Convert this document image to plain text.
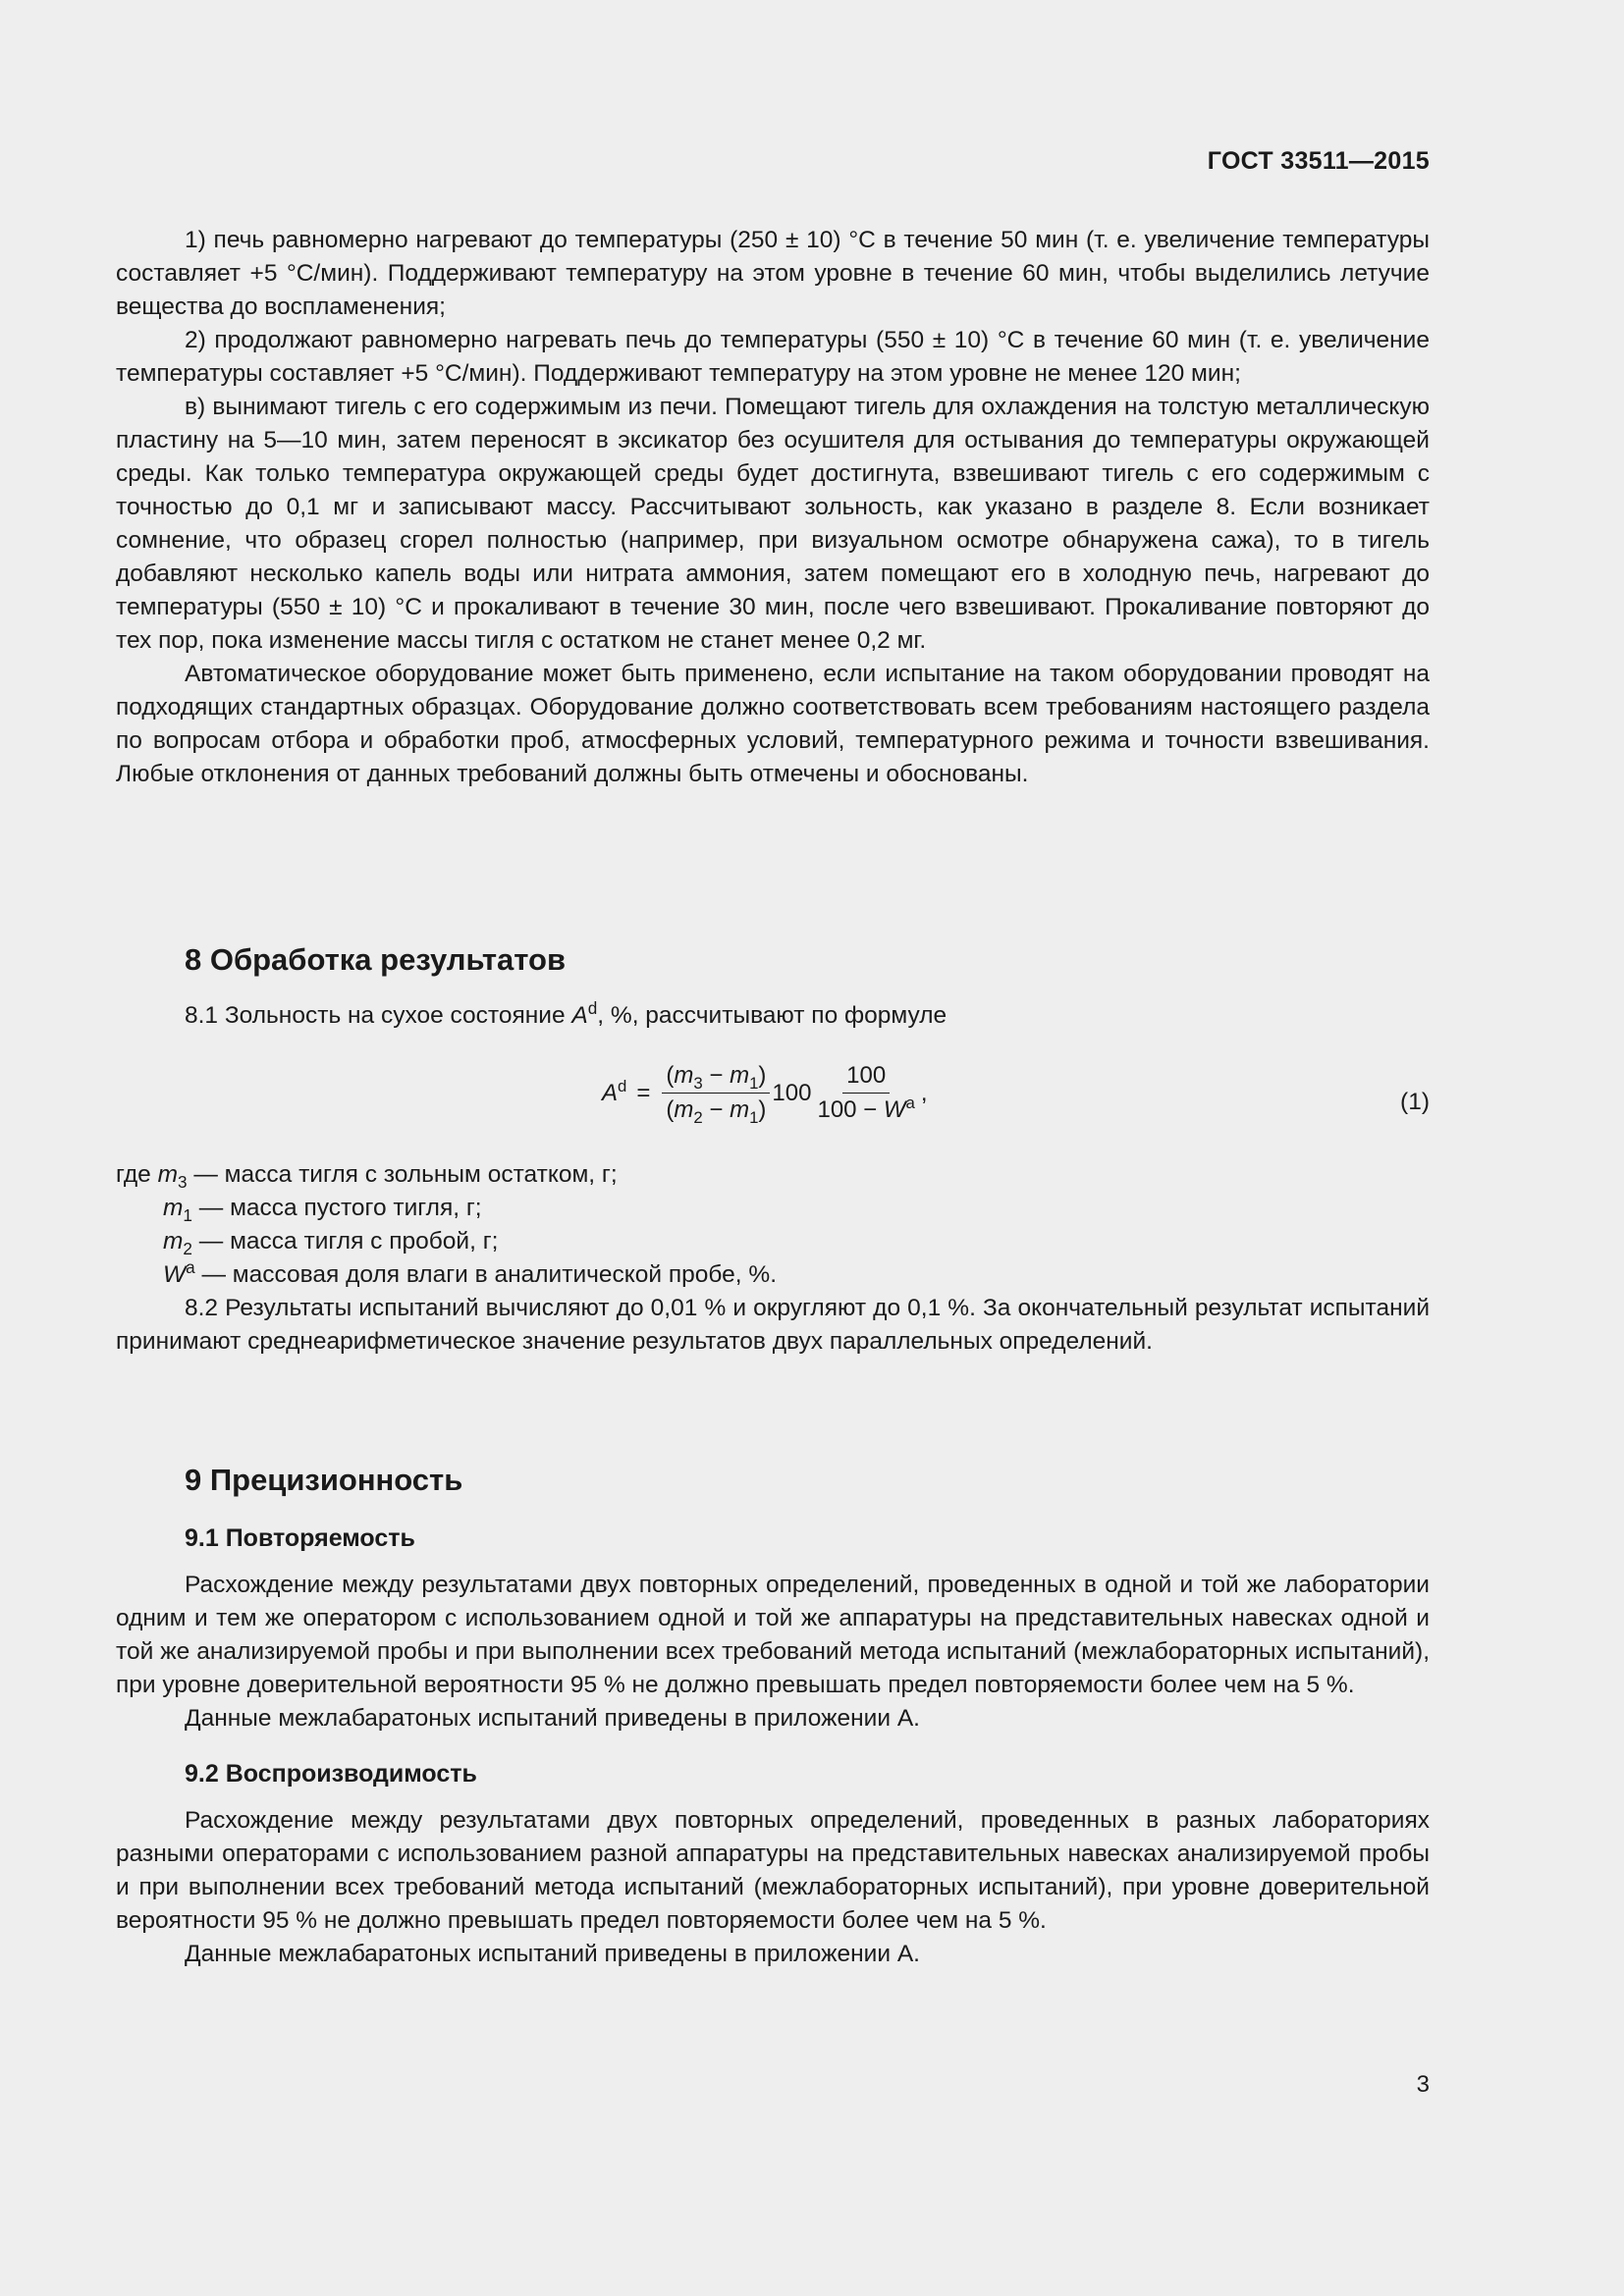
ГОСТ 33511—2015

1) печь равномерно нагревают до температуры (250 ± 10) °С в течение 50 мин (т. е. увеличение температуры составляет +5 °С/мин). Поддерживают температуру на этом уровне в течение 60 мин, чтобы выделились летучие вещества до воспламенения;

2) продолжают равномерно нагревать печь до температуры (550 ± 10) °С в течение 60 мин (т. е. увеличение температуры составляет +5 °С/мин). Поддерживают температуру на этом уровне не менее 120 мин;

в) вынимают тигель с его содержимым из печи. Помещают тигель для охлаждения на толстую металлическую пластину на 5—10 мин, затем переносят в эксикатор без осушителя для остывания до температуры окружающей среды. Как только температура окружающей среды будет достигнута, взвешивают тигель с его содержимым с точностью до 0,1 мг и записывают массу. Рассчитывают зольность, как указано в разделе 8. Если возникает сомнение, что образец сгорел полностью (например, при визуальном осмотре обнаружена сажа), то в тигель добавляют несколько капель воды или нитрата аммония, затем помещают его в холодную печь, нагревают до температуры (550 ± 10) °С и прокаливают в течение 30 мин, после чего взвешивают. Прокаливание повторяют до тех пор, пока изменение массы тигля с остатком не станет менее 0,2 мг.

Автоматическое оборудование может быть применено, если испытание на таком оборудовании проводят на подходящих стандартных образцах. Оборудование должно соответствовать всем требованиям настоящего раздела по вопросам отбора и обработки проб, атмосферных условий, температурного режима и точности взвешивания. Любые отклонения от данных требований должны быть отмечены и обоснованы.

8 Обработка результатов

8.1 Зольность на сухое состояние $A^d$, %, рассчитывают по формуле

$A^d = \frac{(m_3 - m_1)}{(m_2 - m_1)} 100 \frac{100}{100 - W^a}$ ,	(1)

где $m_3$ — масса тигля с зольным остатком, г;

$m_1$ — масса пустого тигля, г;

$m_2$ — масса тигля с пробой, г;

$W^a$ — массовая доля влаги в аналитической пробе, %.

8.2 Результаты испытаний вычисляют до 0,01 % и округляют до 0,1 %. За окончательный результат испытаний принимают среднеарифметическое значение результатов двух параллельных определений.

9 Прецизионность
9.1 Повторяемость

Расхождение между результатами двух повторных определений, проведенных в одной и той же лаборатории одним и тем же оператором с использованием одной и той же аппаратуры на представительных навесках одной и той же анализируемой пробы и при выполнении всех требований метода испытаний (межлабораторных испытаний), при уровне доверительной вероятности 95 % не должно превышать предел повторяемости более чем на 5 %.

Данные межлабаратоных испытаний приведены в приложении А.

9.2 Воспроизводимость

Расхождение между результатами двух повторных определений, проведенных в разных лабораториях разными операторами с использованием разной аппаратуры на представительных навесках анализируемой пробы и при выполнении всех требований метода испытаний (межлабораторных испытаний), при уровне доверительной вероятности 95 % не должно превышать предел повторяемости более чем на 5 %.

Данные межлабаратоных испытаний приведены в приложении А.

3
